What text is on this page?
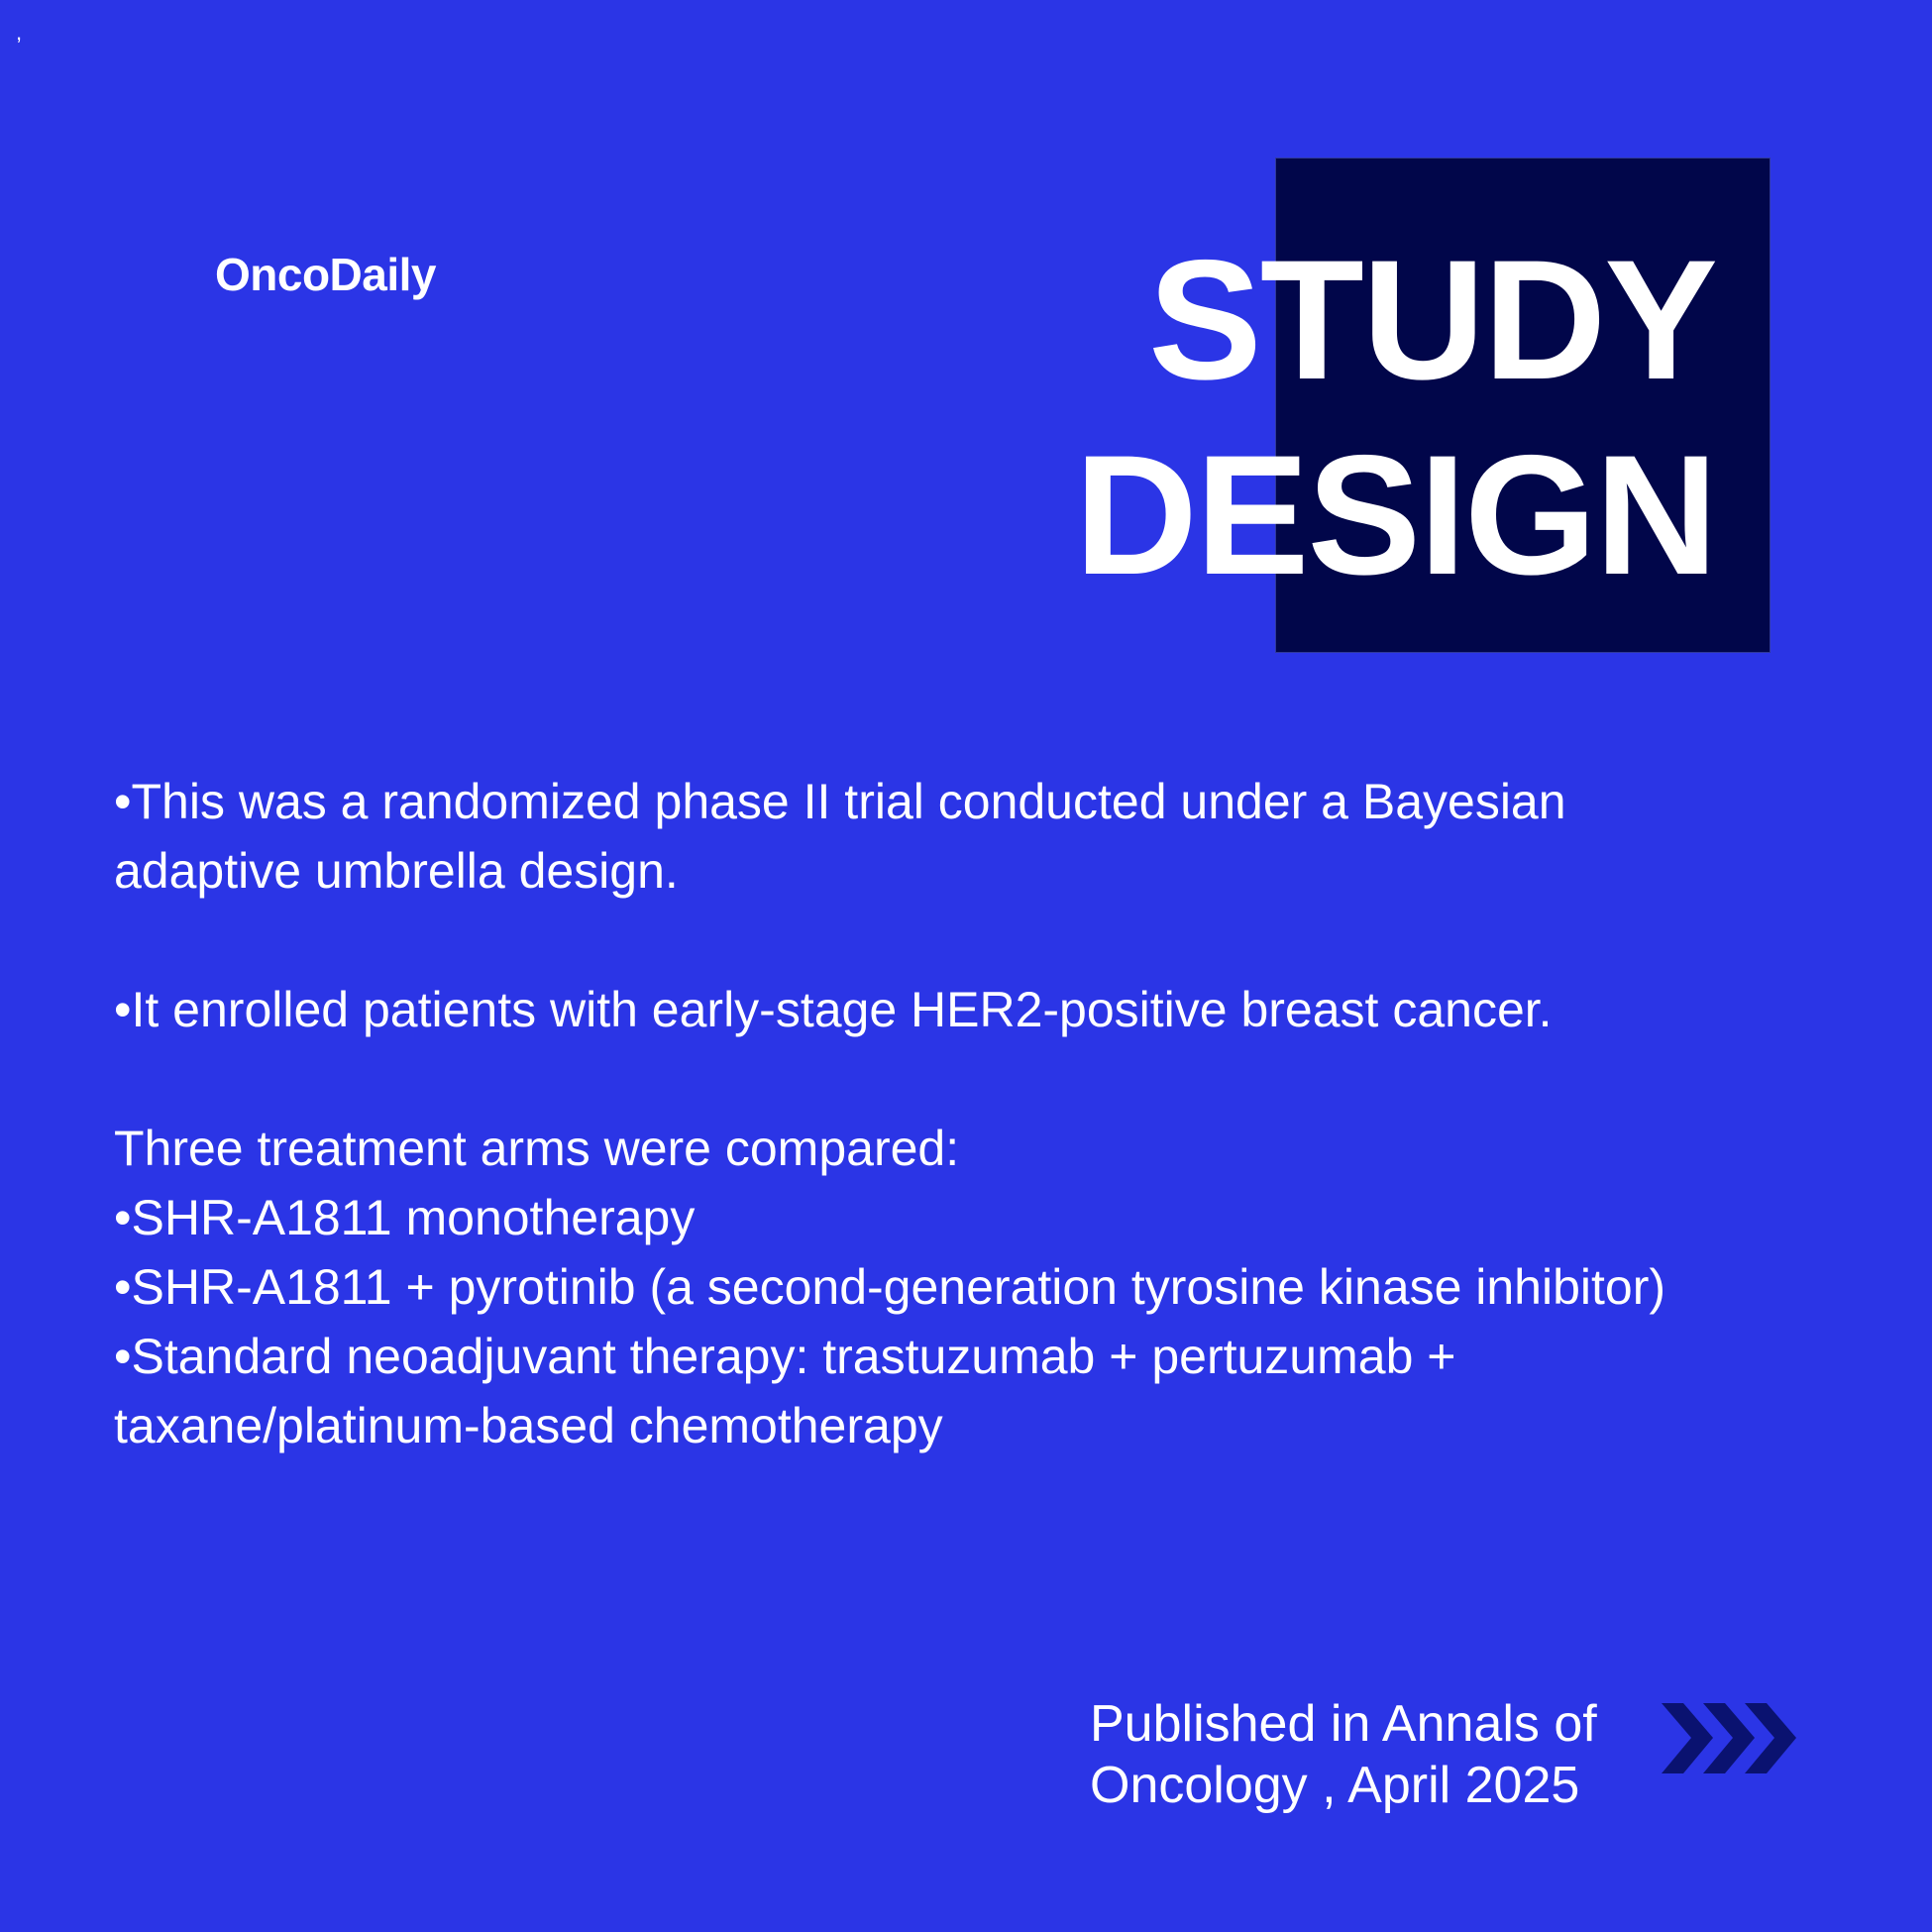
,
OncoDaily	STUDY
DESIGN
•This was a randomized phase II trial conducted under a Bayesian
adaptive umbrella design.
•It enrolled patients with early-stage HER2-positive breast cancer.
Three treatment arms were compared:
•SHR-A1811 monotherapy
•SHR-A1811 + pyrotinib (a second-generation tyrosine kinase inhibitor)
•Standard neoadjuvant therapy: trastuzumab + pertuzumab +
taxane/platinum-based chemotherapy
Published in Annals of
Oncology , April 2025
